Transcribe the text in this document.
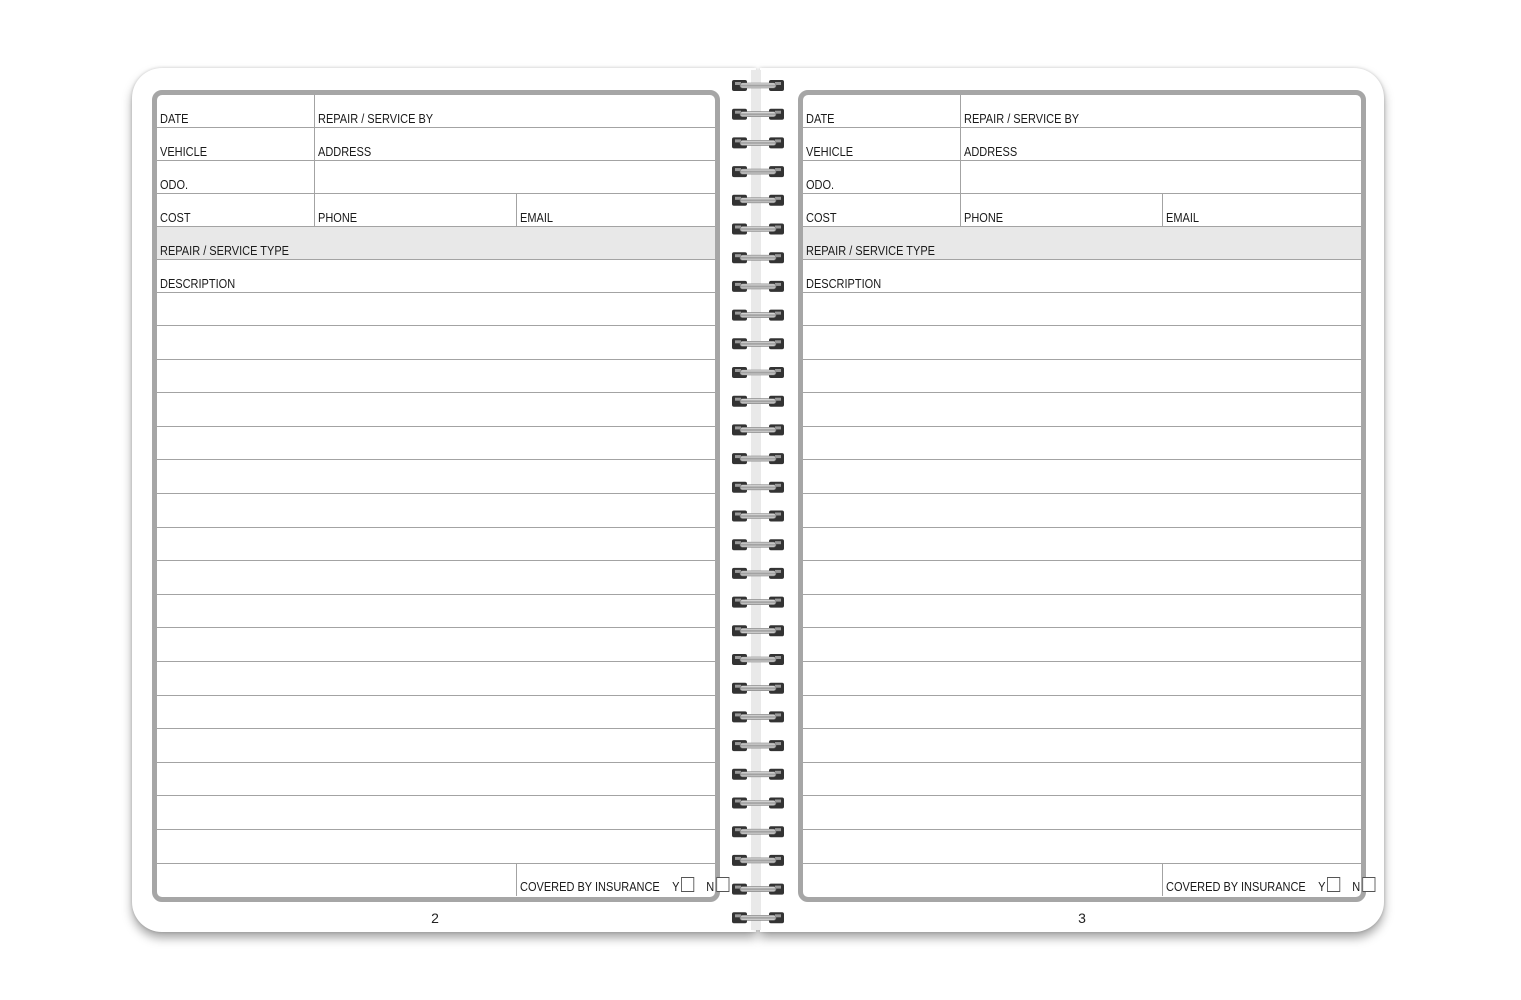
DATE	REPAIR / SERVICE BY
VEHICLE	ADDRESS
ODO.
COST	PHONE	EMAIL
REPAIR / SERVICE TYPE
DESCRIPTION
COVERED BY INSURANCE Y N
2
DATE	REPAIR / SERVICE BY
VEHICLE	ADDRESS
ODO.
COST	PHONE	EMAIL
REPAIR / SERVICE TYPE
DESCRIPTION
COVERED BY INSURANCE Y N
3
